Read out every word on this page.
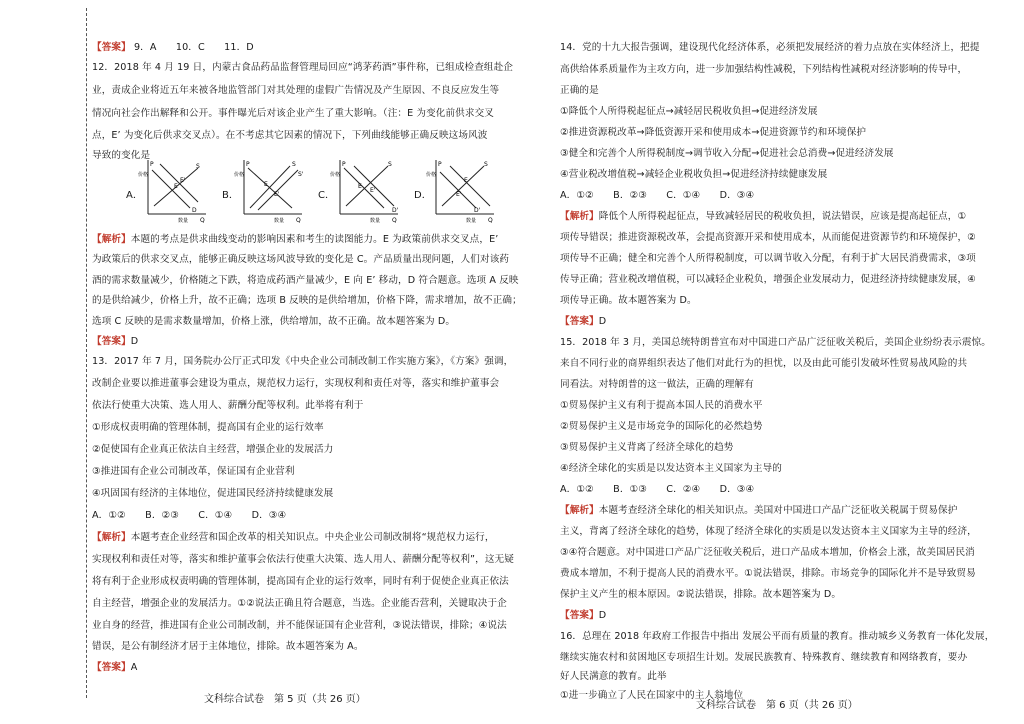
【答案】 9．A　　10．C　　11．D
12．2018 年 4 月 19 日，内蒙古食品药品监督管理局回应“鸿茅药酒”事件称，已组成检查组赴企
业，责成企业将近五年来被各地监管部门对其处理的虚假广告情况及产生原因、不良反应发生等
情况向社会作出解释和公开。事件曝光后对该企业产生了重大影响。（注：E 为变化前供求交叉
点，E’ 为变化后供求交叉点）。在不考虑其它因素的情况下，下列曲线能够正确反映这场风波
导致的变化是
A．
P
Q
E
E'
S
D
价格
数量
B．
P
Q
E
E'
S
S'
价格
数量
C．
P
Q
E
E'
S
D'
价格
数量
D．
P
Q
E
E'
S
D'
价格
数量
【解析】本题的考点是供求曲线变动的影响因素和考生的读图能力。E 为政策前供求交叉点，E’
为政策后的供求交叉点，能够正确反映这场风波导致的变化是 C。产品质量出现问题，人们对该药
酒的需求数量减少，价格随之下跌，将造成药酒产量减少，E 向 E’ 移动，D 符合题意。选项 A 反映
的是供给减少，价格上升，故不正确；选项 B 反映的是供给增加，价格下降，需求增加，故不正确；
选项 C 反映的是需求数量增加，价格上涨，供给增加，故不正确。故本题答案为 D。
【答案】D
13．2017 年 7 月，国务院办公厅正式印发《中央企业公司制改制工作实施方案》，《方案》强调，
改制企业要以推进董事会建设为重点，规范权力运行，实现权利和责任对等，落实和维护董事会
依法行使重大决策、选人用人、薪酬分配等权利。此举将有利于
①形成权责明确的管理体制，提高国有企业的运行效率
②促使国有企业真正依法自主经营，增强企业的发展活力
③推进国有企业公司制改革，保证国有企业营利
④巩固国有经济的主体地位，促进国民经济持续健康发展
A．①②　　B．②③　　C．①④　　D．③④
【解析】本题考查企业经营和国企改革的相关知识点。中央企业公司制改制将“规范权力运行，
实现权利和责任对等，落实和维护董事会依法行使重大决策、选人用人、薪酬分配等权利”，这无疑
将有利于企业形成权责明确的管理体制，提高国有企业的运行效率，同时有利于促使企业真正依法
自主经营，增强企业的发展活力。①②说法正确且符合题意，当选。企业能否营利，关键取决于企
业自身的经营，推进国有企业公司制改制，并不能保证国有企业营利，③说法错误，排除；④说法
错误，是公有制经济才居于主体地位，排除。故本题答案为 A。
【答案】A
文科综合试卷　第 5 页（共 26 页）
14．党的十九大报告强调，建设现代化经济体系，必须把发展经济的着力点放在实体经济上，把提
高供给体系质量作为主攻方向，进一步加强结构性减税，下列结构性减税对经济影响的传导中，
正确的是
①降低个人所得税起征点→减轻居民税收负担→促进经济发展
②推进资源税改革→降低资源开采和使用成本→促进资源节约和环境保护
③健全和完善个人所得税制度→调节收入分配→促进社会总消费→促进经济发展
④营业税改增值税→减轻企业税收负担→促进经济持续健康发展
A．①②　　B．②③　　C．①④　　D．③④
【解析】降低个人所得税起征点，导致减轻居民的税收负担，说法错误，应该是提高起征点，①
项传导错误；推进资源税改革，会提高资源开采和使用成本，从而能促进资源节约和环境保护，②
项传导不正确；健全和完善个人所得税制度，可以调节收入分配，有利于扩大居民消费需求，③项
传导正确；营业税改增值税，可以减轻企业税负，增强企业发展动力，促进经济持续健康发展，④
项传导正确。故本题答案为 D。
【答案】D
15．2018 年 3 月，美国总统特朗普宣布对中国进口产品广泛征收关税后，美国企业纷纷表示震惊。
来自不同行业的商界组织表达了他们对此行为的担忧，以及由此可能引发破坏性贸易战风险的共
同看法。对特朗普的这一做法，正确的理解有
①贸易保护主义有利于提高本国人民的消费水平
②贸易保护主义是市场竞争的国际化的必然趋势
③贸易保护主义背离了经济全球化的趋势
④经济全球化的实质是以发达资本主义国家为主导的
A．①②　　B．①③　　C．②④　　D．③④
【解析】本题考查经济全球化的相关知识点。美国对中国进口产品广泛征收关税属于贸易保护
主义，背离了经济全球化的趋势，体现了经济全球化的实质是以发达资本主义国家为主导的经济，
③④符合题意。对中国进口产品广泛征收关税后，进口产品成本增加，价格会上涨，故美国居民消
费成本增加，不利于提高人民的消费水平。①说法错误，排除。市场竞争的国际化并不是导致贸易
保护主义产生的根本原因。②说法错误，排除。故本题答案为 D。
【答案】D
16．总理在 2018 年政府工作报告中指出 发展公平而有质量的教育。推动城乡义务教育一体化发展，
继续实施农村和贫困地区专项招生计划。发展民族教育、特殊教育、继续教育和网络教育，要办
好人民满意的教育。此举
①进一步确立了人民在国家中的主人翁地位
文科综合试卷　第 6 页（共 26 页）
